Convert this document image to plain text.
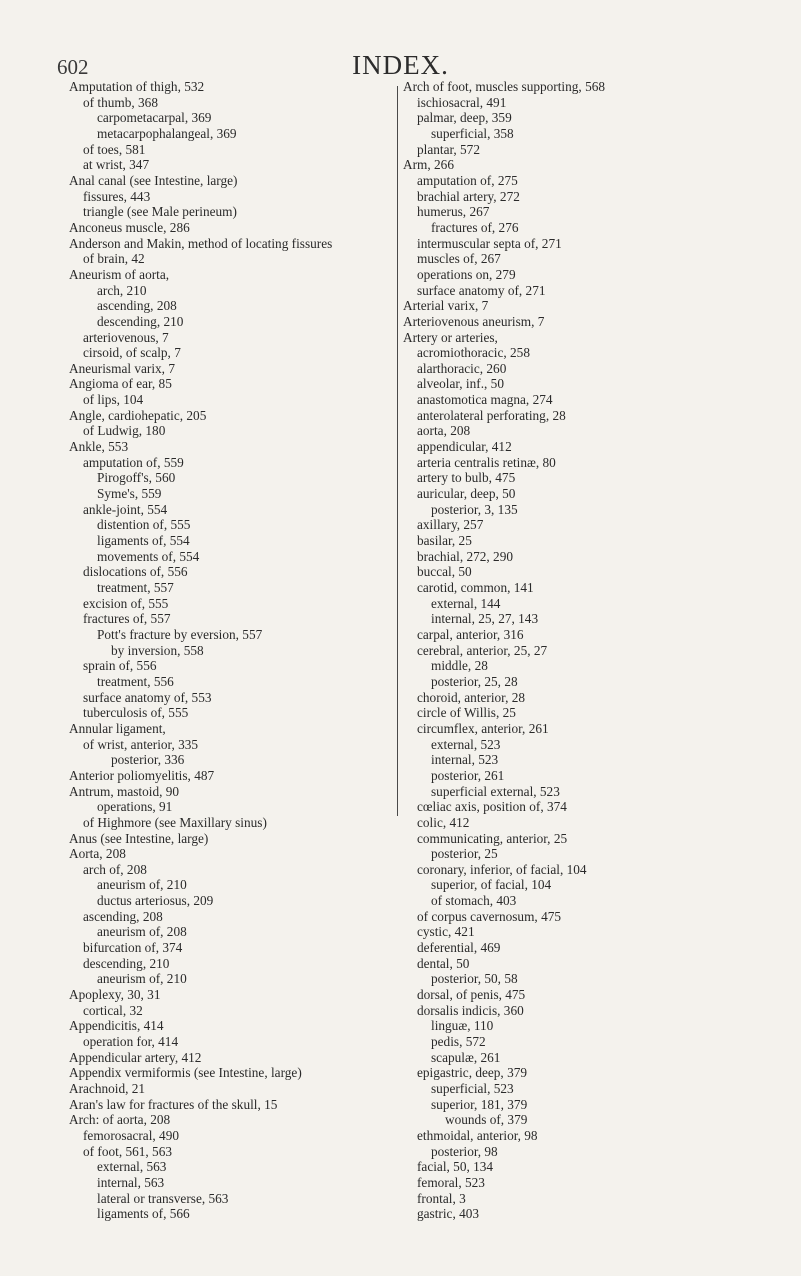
602	INDEX.
Amputation of thigh, 532
of thumb, 368
carpometacarpal, 369
metacarpophalangeal, 369
of toes, 581
at wrist, 347
Anal canal (see Intestine, large)
fissures, 443
triangle (see Male perineum)
Anconeus muscle, 286
Anderson and Makin, method of locating fissures
of brain, 42
Aneurism of aorta,
arch, 210
ascending, 208
descending, 210
arteriovenous, 7
cirsoid, of scalp, 7
Aneurismal varix, 7
Angioma of ear, 85
of lips, 104
Angle, cardiohepatic, 205
of Ludwig, 180
Ankle, 553
amputation of, 559
Pirogoff's, 560
Syme's, 559
ankle-joint, 554
distention of, 555
ligaments of, 554
movements of, 554
dislocations of, 556
treatment, 557
excision of, 555
fractures of, 557
Pott's fracture by eversion, 557
by inversion, 558
sprain of, 556
treatment, 556
surface anatomy of, 553
tuberculosis of, 555
Annular ligament,
of wrist, anterior, 335
posterior, 336
Anterior poliomyelitis, 487
Antrum, mastoid, 90
operations, 91
of Highmore (see Maxillary sinus)
Anus (see Intestine, large)
Aorta, 208
arch of, 208
aneurism of, 210
ductus arteriosus, 209
ascending, 208
aneurism of, 208
bifurcation of, 374
descending, 210
aneurism of, 210
Apoplexy, 30, 31
cortical, 32
Appendicitis, 414
operation for, 414
Appendicular artery, 412
Appendix vermiformis (see Intestine, large)
Arachnoid, 21
Aran's law for fractures of the skull, 15
Arch: of aorta, 208
femorosacral, 490
of foot, 561, 563
external, 563
internal, 563
lateral or transverse, 563
ligaments of, 566
Arch of foot, muscles supporting, 568
ischiosacral, 491
palmar, deep, 359
superficial, 358
plantar, 572
Arm, 266
amputation of, 275
brachial artery, 272
humerus, 267
fractures of, 276
intermuscular septa of, 271
muscles of, 267
operations on, 279
surface anatomy of, 271
Arterial varix, 7
Arteriovenous aneurism, 7
Artery or arteries,
acromiothoracic, 258
alarthoracic, 260
alveolar, inf., 50
anastomotica magna, 274
anterolateral perforating, 28
aorta, 208
appendicular, 412
arteria centralis retinæ, 80
artery to bulb, 475
auricular, deep, 50
posterior, 3, 135
axillary, 257
basilar, 25
brachial, 272, 290
buccal, 50
carotid, common, 141
external, 144
internal, 25, 27, 143
carpal, anterior, 316
cerebral, anterior, 25, 27
middle, 28
posterior, 25, 28
choroid, anterior, 28
circle of Willis, 25
circumflex, anterior, 261
external, 523
internal, 523
posterior, 261
superficial external, 523
cœliac axis, position of, 374
colic, 412
communicating, anterior, 25
posterior, 25
coronary, inferior, of facial, 104
superior, of facial, 104
of stomach, 403
of corpus cavernosum, 475
cystic, 421
deferential, 469
dental, 50
posterior, 50, 58
dorsal, of penis, 475
dorsalis indicis, 360
linguæ, 110
pedis, 572
scapulæ, 261
epigastric, deep, 379
superficial, 523
superior, 181, 379
wounds of, 379
ethmoidal, anterior, 98
posterior, 98
facial, 50, 134
femoral, 523
frontal, 3
gastric, 403
